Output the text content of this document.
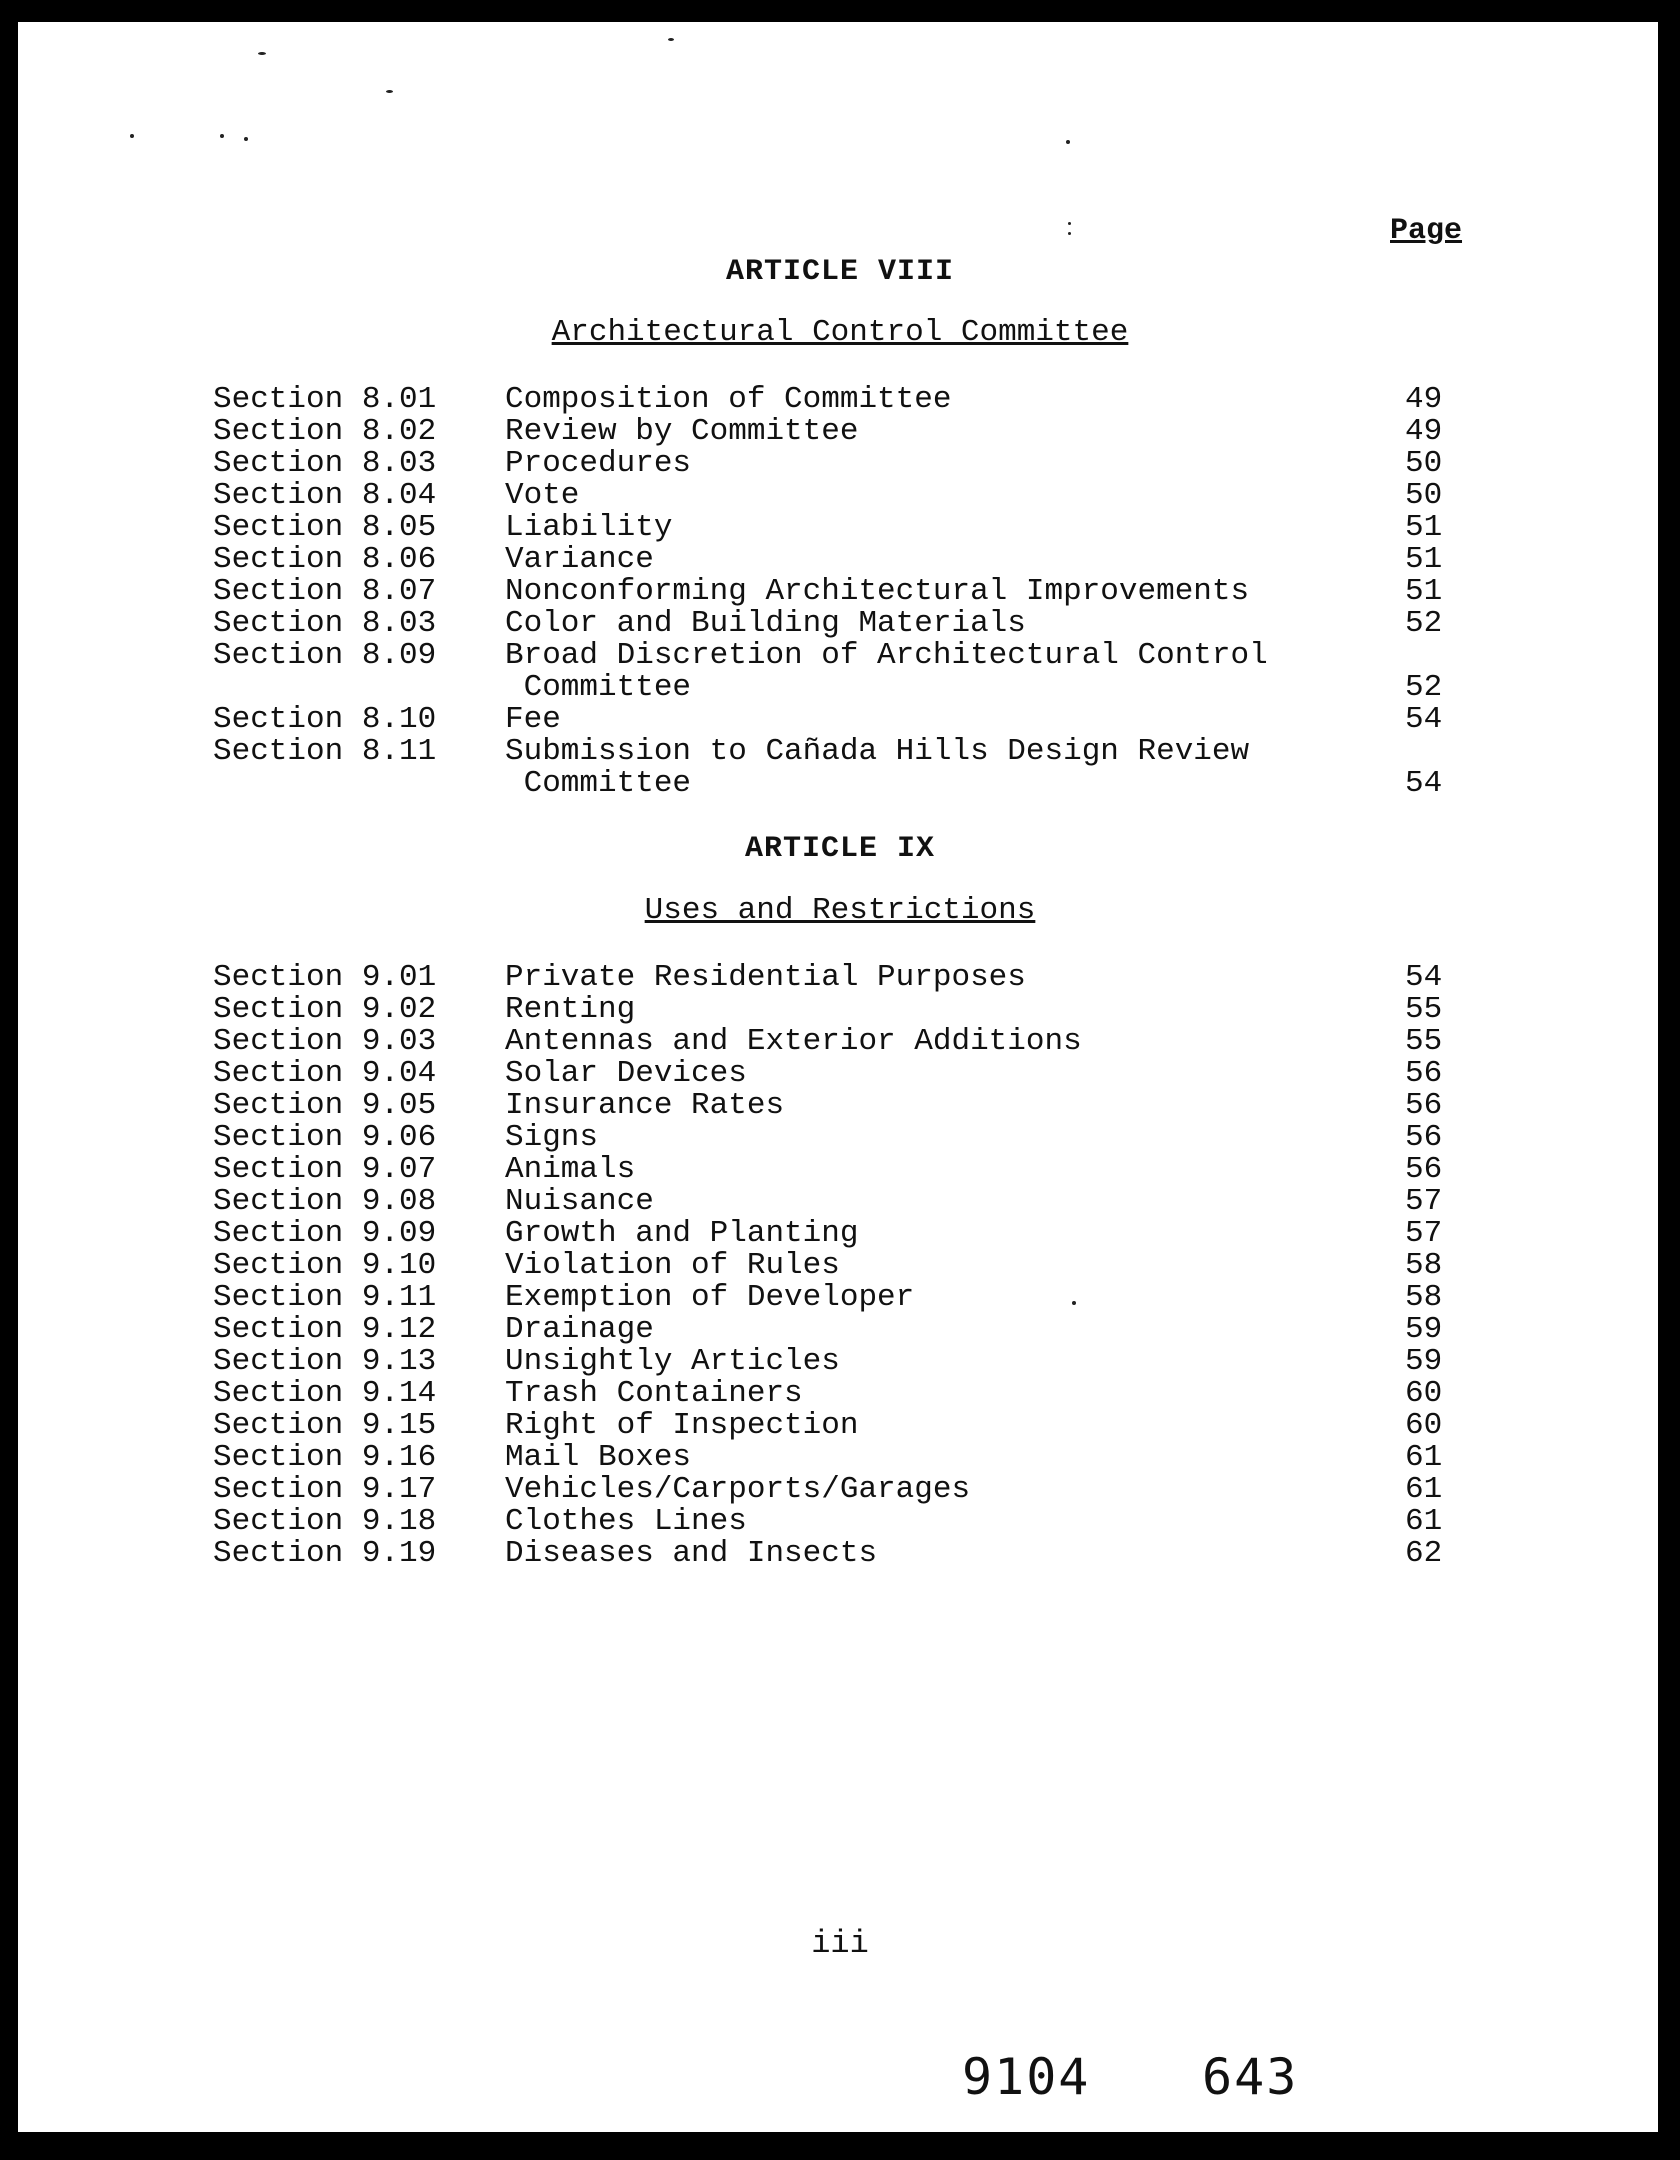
Page
ARTICLE VIII
Architectural Control Committee
Section 8.01 Composition of Committee	49
Section 8.02 Review by Committee	49
Section 8.03 Procedures	50
Section 8.04 Vote	50
Section 8.05 Liability	51
Section 8.06 Variance	51
Section 8.07 Nonconforming Architectural Improvements	51
Section 8.03 Color and Building Materials	52
Section 8.09 Broad Discretion of Architectural Control
Committee	52
Section 8.10 Fee	54
Section 8.11 Submission to Cañada Hills Design Review
Committee	54
ARTICLE IX
Uses and Restrictions
Section 9.01 Private Residential Purposes	54

Section 9.02 Renting	55

Section 9.03 Antennas and Exterior Additions	55

Section 9.04 Solar Devices	56

Section 9.05 Insurance Rates	56

Section 9.06 Signs	56

Section 9.07 Animals	56

Section 9.08 Nuisance	57

Section 9.09 Growth and Planting	57

Section 9.10 Violation of Rules	58

Section 9.11 Exemption of Developer	58

Section 9.12 Drainage	59

Section 9.13 Unsightly Articles	59

Section 9.14 Trash Containers	60

Section 9.15 Right of Inspection	60

Section 9.16 Mail Boxes	61

Section 9.17 Vehicles/Carports/Garages	61

Section 9.18 Clothes Lines	61

Section 9.19 Diseases and Insects	62

iii
9104 643
